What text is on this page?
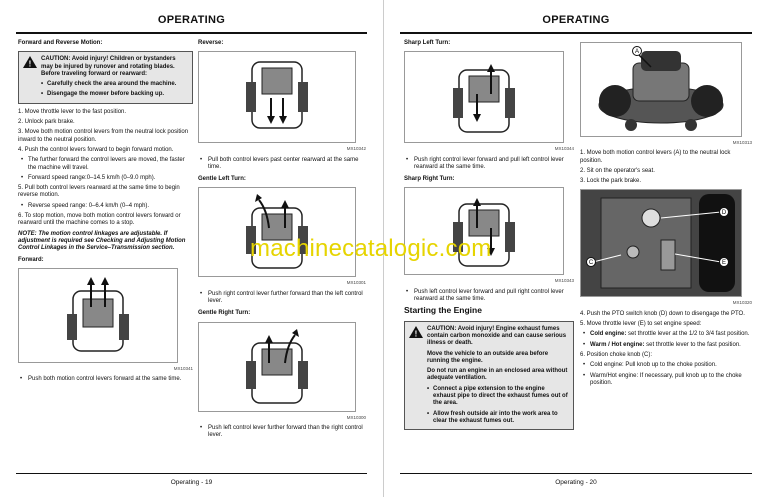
OPERATING
Forward and Reverse Motion:
!
CAUTION: Avoid injury! Children or bystanders may be injured by runover and rotating blades. Before traveling forward or rearward:
• Carefully check the area around the machine.
• Disengage the mower before backing up.

1. Move throttle lever to the fast position.

2. Unlock park brake.

3. Move both motion control levers from the neutral lock position inward to the neutral position.

4. Push the control levers forward to begin forward motion.

• The further forward the control levers are moved, the faster the machine will travel.

• Forward speed range:0–14.5 km/h (0–9.0 mph).

5. Pull both control levers rearward at the same time to begin reverse motion.

• Reverse speed range: 0–6.4 km/h (0–4 mph).

6. To stop motion, move both motion control levers forward or rearward until the machine comes to a stop.

NOTE: The motion control linkages are adjustable. If adjustment is required see Checking and Adjusting Motion Control Linkages in the Service–Transmission section.

Forward:
MX10341
• Push both motion control levers forward at the same time.
Reverse:
MX10342
• Pull both control levers past center rearward at the same time.
Gentle Left Turn:
MX10301
• Push right control lever further forward than the left control lever.
Gentle Right Turn:
MX10300
• Push left control lever further forward than the right control lever.
Operating - 19
OPERATING
Sharp Left Turn:
MX10344
• Push right control lever forward and pull left control lever rearward at the same time.
Sharp Right Turn:
MX10343
• Push left control lever forward and pull right control lever rearward at the same time.
Starting the Engine
!
CAUTION: Avoid injury! Engine exhaust fumes contain carbon monoxide and can cause serious illness or death.
Move the vehicle to an outside area before running the engine.
Do not run an engine in an enclosed area without adequate ventilation.
• Connect a pipe extension to the engine exhaust pipe to direct the exhaust fumes out of the area.
• Allow fresh outside air into the work area to clear the exhaust fumes out.
A
MX10313

1. Move both motion control levers (A) to the neutral lock position.

2. Sit on the operator's seat.

3. Lock the park brake.

C
D
E
MX10320

4. Push the PTO switch knob (D) down to disengage the PTO.

5. Move throttle lever (E) to set engine speed:

• Cold engine: set throttle lever at the 1/2 to 3/4 fast position.

• Warm / Hot engine: set throttle lever to the fast position.

6. Position choke knob (C):

• Cold engine: Pull knob up to the choke position.

• Warm/Hot engine: If necessary, pull knob up to the choke position.

Operating - 20
machinecatalogic.com
